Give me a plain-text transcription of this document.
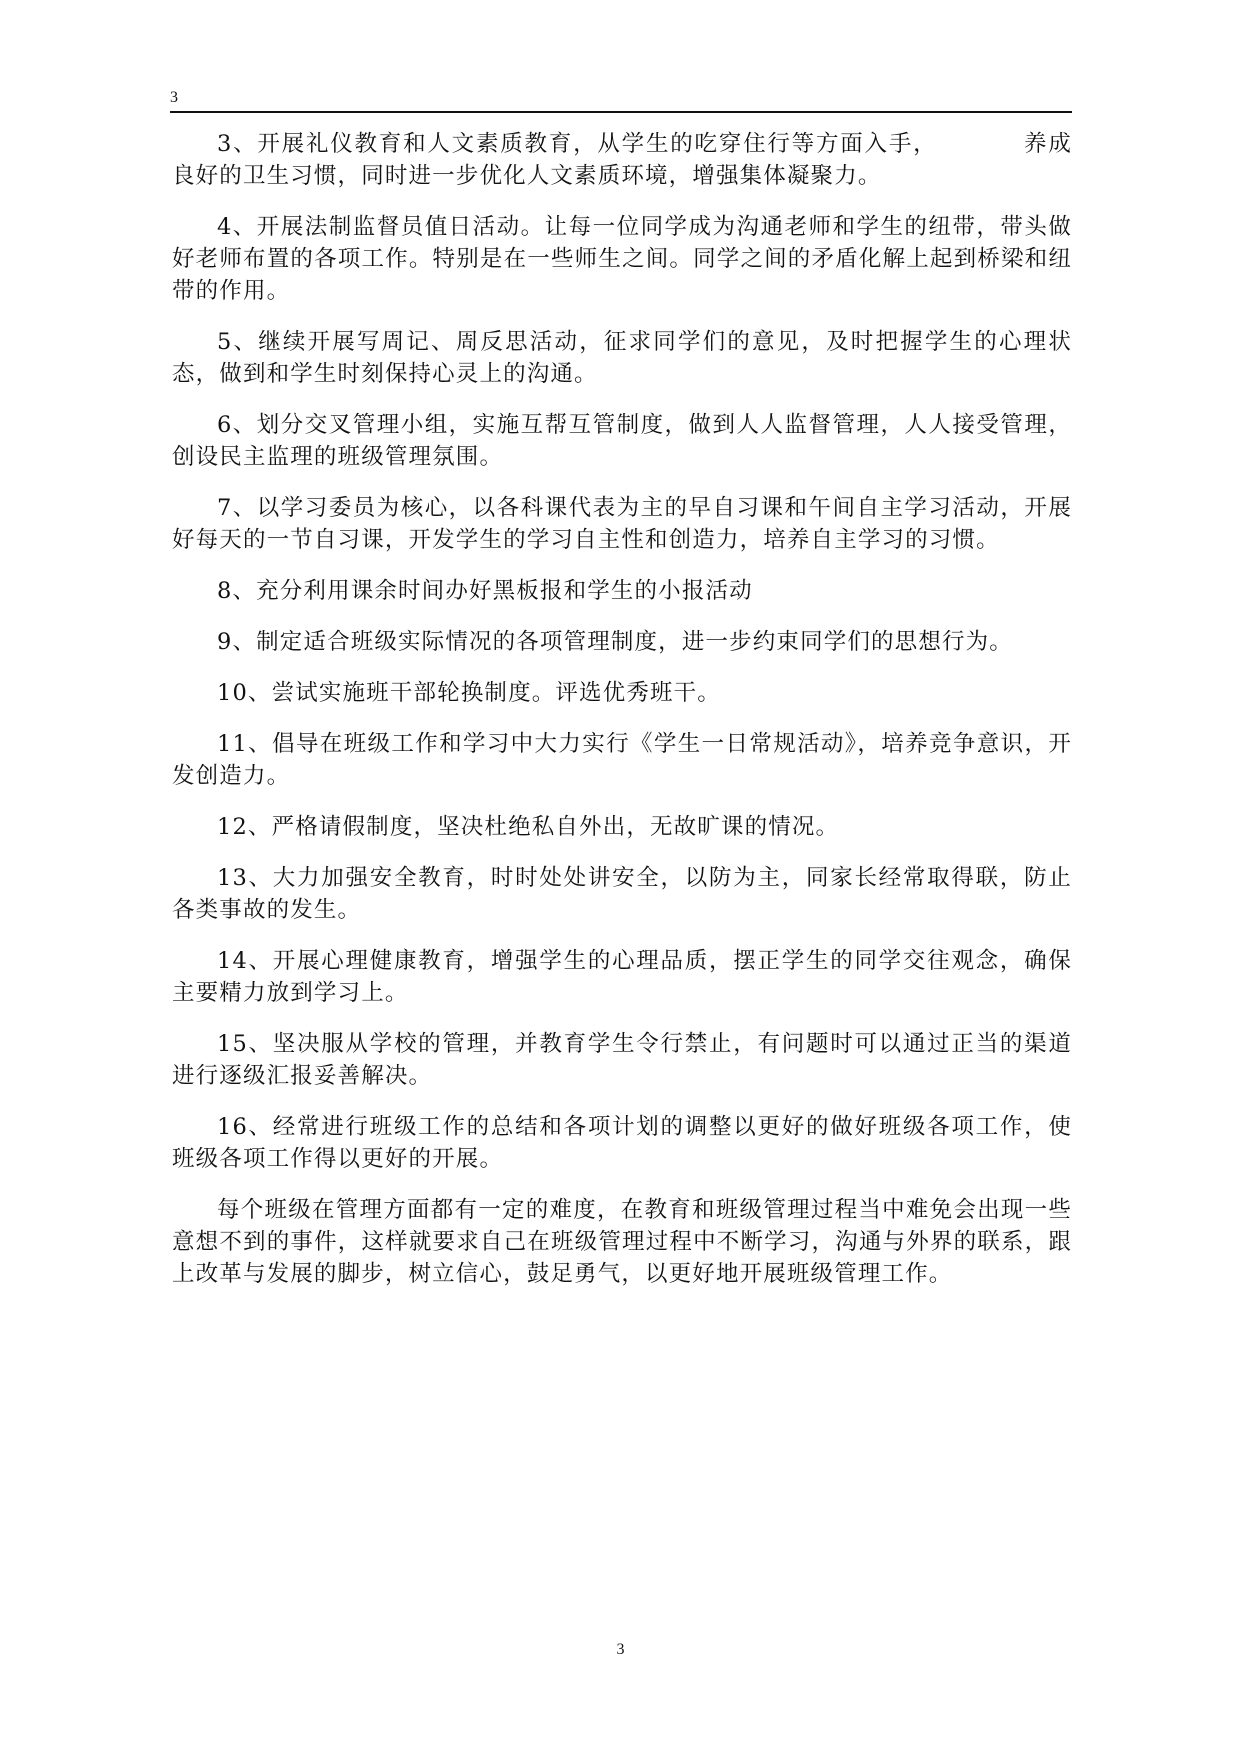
3

3、开展礼仪教育和人文素质教育，从学生的吃穿住行等方面入手，	养成良好的卫生习惯，同时进一步优化人文素质环境，增强集体凝聚力。

4、开展法制监督员值日活动。让每一位同学成为沟通老师和学生的纽带，带头做好老师布置的各项工作。特别是在一些师生之间。同学之间的矛盾化解上起到桥梁和纽带的作用。

5、继续开展写周记、周反思活动，征求同学们的意见，及时把握学生的心理状态，做到和学生时刻保持心灵上的沟通。

6、划分交叉管理小组，实施互帮互管制度，做到人人监督管理，人人接受管理，创设民主监理的班级管理氛围。

7、以学习委员为核心，以各科课代表为主的早自习课和午间自主学习活动，开展好每天的一节自习课，开发学生的学习自主性和创造力，培养自主学习的习惯。

8、充分利用课余时间办好黑板报和学生的小报活动

9、制定适合班级实际情况的各项管理制度，进一步约束同学们的思想行为。

10、尝试实施班干部轮换制度。评选优秀班干。

11、倡导在班级工作和学习中大力实行《学生一日常规活动》，培养竞争意识，开发创造力。

12、严格请假制度，坚决杜绝私自外出，无故旷课的情况。

13、大力加强安全教育，时时处处讲安全，以防为主，同家长经常取得联，防止各类事故的发生。

14、开展心理健康教育，增强学生的心理品质，摆正学生的同学交往观念，确保主要精力放到学习上。

15、坚决服从学校的管理，并教育学生令行禁止，有问题时可以通过正当的渠道进行逐级汇报妥善解决。

16、经常进行班级工作的总结和各项计划的调整以更好的做好班级各项工作，使班级各项工作得以更好的开展。

每个班级在管理方面都有一定的难度，在教育和班级管理过程当中难免会出现一些意想不到的事件，这样就要求自己在班级管理过程中不断学习，沟通与外界的联系，跟上改革与发展的脚步，树立信心，鼓足勇气，以更好地开展班级管理工作。

3
